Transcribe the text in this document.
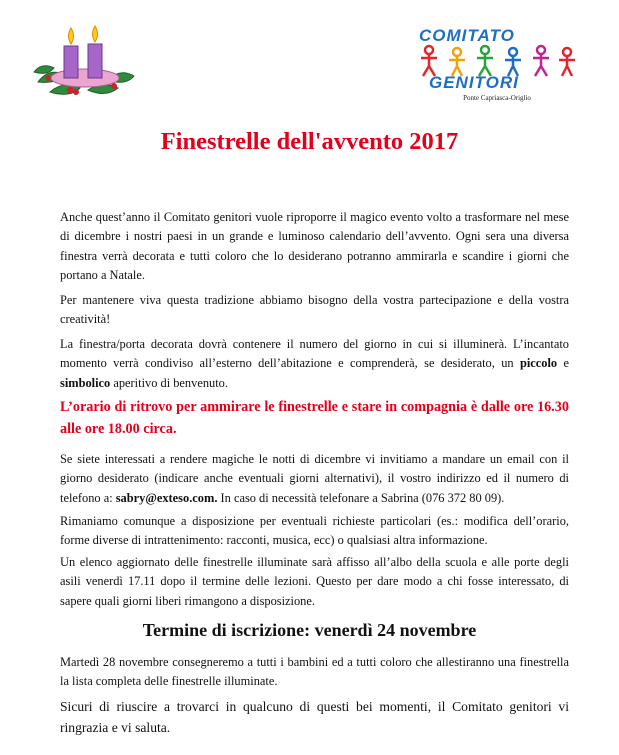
COMITATO
GENITORI
Ponte Capriasca-Origlio
Finestrelle dell'avvento 2017

Anche quest’anno il Comitato genitori vuole riproporre il magico evento volto a trasformare nel mese di dicembre i nostri paesi in un grande e luminoso calendario dell’avvento. Ogni sera una diversa finestra verrà decorata e tutti coloro che lo desiderano potranno ammirarla e scandire i giorni che portano a Natale.

Per mantenere viva questa tradizione abbiamo bisogno della vostra partecipazione e della vostra creatività!

La finestra/porta decorata dovrà contenere il numero del giorno in cui si illuminerà. L’incantato momento verrà condiviso all’esterno dell’abitazione e comprenderà, se desiderato, un piccolo e simbolico aperitivo di benvenuto.

L’orario di ritrovo per ammirare le finestrelle e stare in compagnia è dalle ore 16.30 alle ore 18.00 circa.

Se siete interessati a rendere magiche le notti di dicembre vi invitiamo a mandare un email con il giorno desiderato (indicare anche eventuali giorni alternativi), il vostro indirizzo ed il numero di telefono a: sabry@exteso.com. In caso di necessità telefonare a Sabrina (076 372 80 09).

Rimaniamo comunque a disposizione per eventuali richieste particolari (es.: modifica dell’orario, forme diverse di intrattenimento: racconti, musica, ecc) o qualsiasi altra informazione.

Un elenco aggiornato delle finestrelle illuminate sarà affisso all’albo della scuola e alle porte degli asili venerdì 17.11 dopo il termine delle lezioni. Questo per dare modo a chi fosse interessato, di sapere quali giorni liberi rimangono a disposizione.

Termine di iscrizione: venerdì 24 novembre

Martedì 28 novembre consegneremo a tutti i bambini ed a tutti coloro che allestiranno una finestrella la lista completa delle finestrelle illuminate.

Sicuri di riuscire a trovarci in qualcuno di questi bei momenti, il Comitato genitori vi ringrazia e vi saluta.
